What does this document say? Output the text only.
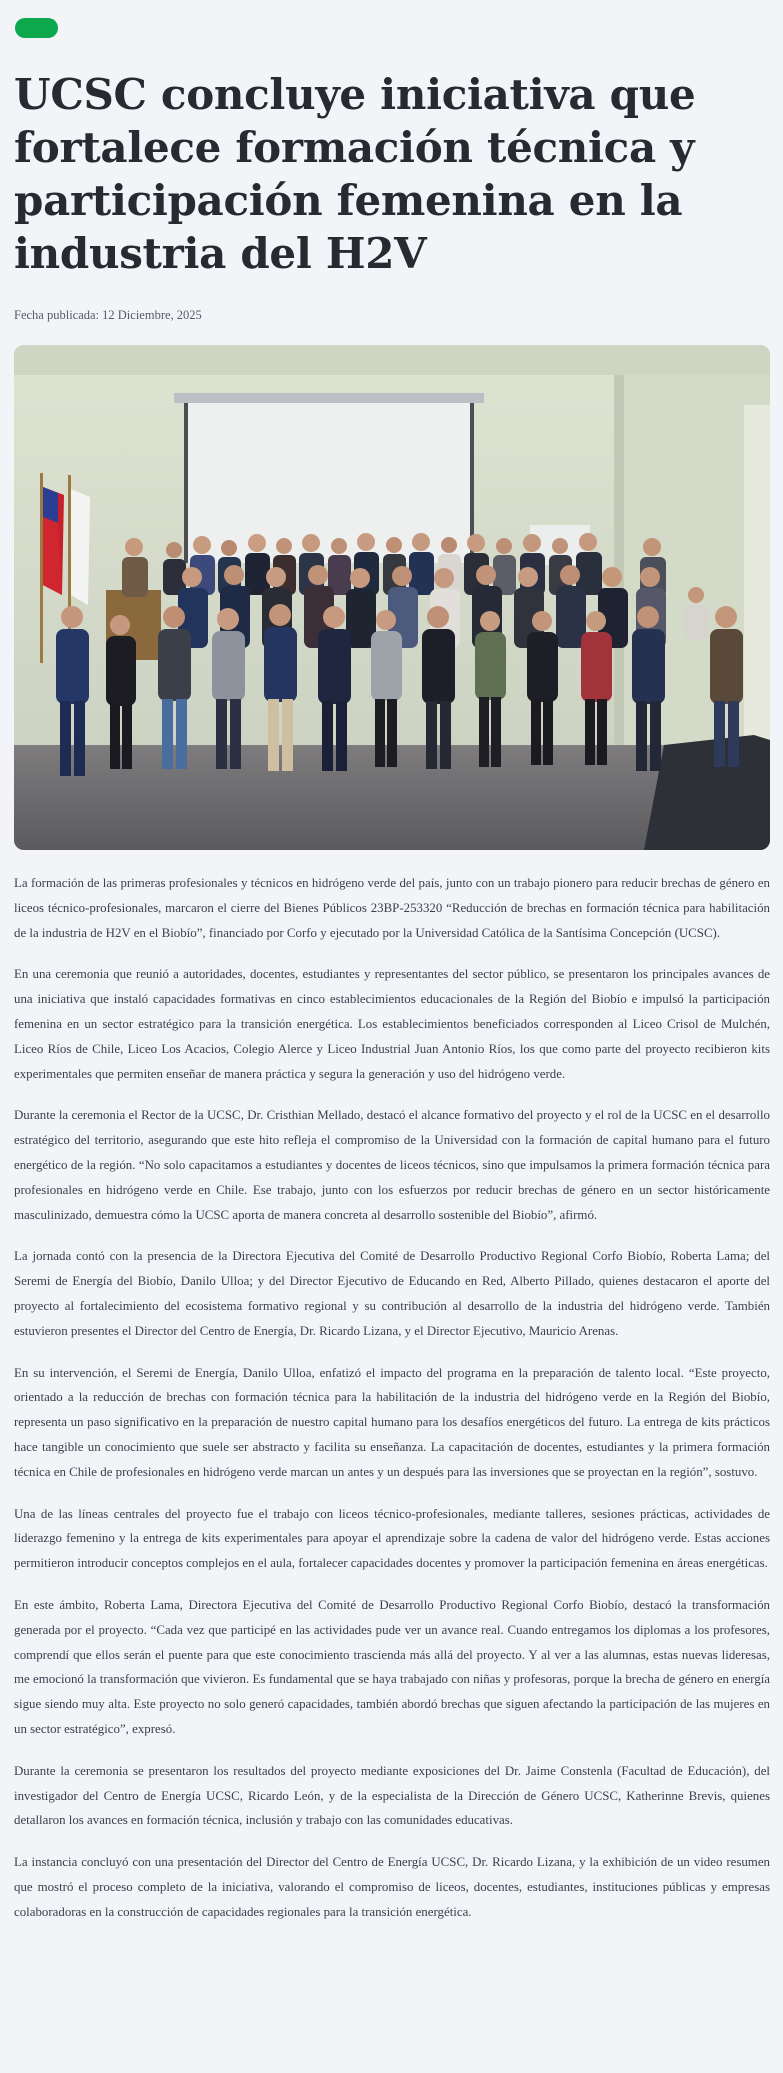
UCSC concluye iniciativa que fortalece formación técnica y participación femenina en la industria del H2V
Fecha publicada: 12 Diciembre, 2025

La formación de las primeras profesionales y técnicos en hidrógeno verde del país, junto con un trabajo pionero para reducir brechas de género en liceos técnico-profesionales, marcaron el cierre del Bienes Públicos 23BP-253320 “Reducción de brechas en formación técnica para habilitación de la industria de H2V en el Biobío”, financiado por Corfo y ejecutado por la Universidad Católica de la Santísima Concepción (UCSC).

En una ceremonia que reunió a autoridades, docentes, estudiantes y representantes del sector público, se presentaron los principales avances de una iniciativa que instaló capacidades formativas en cinco establecimientos educacionales de la Región del Biobío e impulsó la participación femenina en un sector estratégico para la transición energética. Los establecimientos beneficiados corresponden al Liceo Crisol de Mulchén, Liceo Ríos de Chile, Liceo Los Acacios, Colegio Alerce y Liceo Industrial Juan Antonio Ríos, los que como parte del proyecto recibieron kits experimentales que permiten enseñar de manera práctica y segura la generación y uso del hidrógeno verde.

Durante la ceremonia el Rector de la UCSC, Dr. Cristhian Mellado, destacó el alcance formativo del proyecto y el rol de la UCSC en el desarrollo estratégico del territorio, asegurando que este hito refleja el compromiso de la Universidad con la formación de capital humano para el futuro energético de la región. “No solo capacitamos a estudiantes y docentes de liceos técnicos, sino que impulsamos la primera formación técnica para profesionales en hidrógeno verde en Chile. Ese trabajo, junto con los esfuerzos por reducir brechas de género en un sector históricamente masculinizado, demuestra cómo la UCSC aporta de manera concreta al desarrollo sostenible del Biobío”, afirmó.

La jornada contó con la presencia de la Directora Ejecutiva del Comité de Desarrollo Productivo Regional Corfo Biobío, Roberta Lama; del Seremi de Energía del Biobío, Danilo Ulloa; y del Director Ejecutivo de Educando en Red, Alberto Pillado, quienes destacaron el aporte del proyecto al fortalecimiento del ecosistema formativo regional y su contribución al desarrollo de la industria del hidrógeno verde. También estuvieron presentes el Director del Centro de Energía, Dr. Ricardo Lizana, y el Director Ejecutivo, Mauricio Arenas.

En su intervención, el Seremi de Energía, Danilo Ulloa, enfatizó el impacto del programa en la preparación de talento local. “Este proyecto, orientado a la reducción de brechas con formación técnica para la habilitación de la industria del hidrógeno verde en la Región del Biobío, representa un paso significativo en la preparación de nuestro capital humano para los desafíos energéticos del futuro. La entrega de kits prácticos hace tangible un conocimiento que suele ser abstracto y facilita su enseñanza. La capacitación de docentes, estudiantes y la primera formación técnica en Chile de profesionales en hidrógeno verde marcan un antes y un después para las inversiones que se proyectan en la región”, sostuvo.

Una de las líneas centrales del proyecto fue el trabajo con liceos técnico-profesionales, mediante talleres, sesiones prácticas, actividades de liderazgo femenino y la entrega de kits experimentales para apoyar el aprendizaje sobre la cadena de valor del hidrógeno verde. Estas acciones permitieron introducir conceptos complejos en el aula, fortalecer capacidades docentes y promover la participación femenina en áreas energéticas.

En este ámbito, Roberta Lama, Directora Ejecutiva del Comité de Desarrollo Productivo Regional Corfo Biobío, destacó la transformación generada por el proyecto. “Cada vez que participé en las actividades pude ver un avance real. Cuando entregamos los diplomas a los profesores, comprendí que ellos serán el puente para que este conocimiento trascienda más allá del proyecto. Y al ver a las alumnas, estas nuevas lideresas, me emocionó la transformación que vivieron. Es fundamental que se haya trabajado con niñas y profesoras, porque la brecha de género en energía sigue siendo muy alta. Este proyecto no solo generó capacidades, también abordó brechas que siguen afectando la participación de las mujeres en un sector estratégico”, expresó.

Durante la ceremonia se presentaron los resultados del proyecto mediante exposiciones del Dr. Jaime Constenla (Facultad de Educación), del investigador del Centro de Energía UCSC, Ricardo León, y de la especialista de la Dirección de Género UCSC, Katherinne Brevis, quienes detallaron los avances en formación técnica, inclusión y trabajo con las comunidades educativas.

La instancia concluyó con una presentación del Director del Centro de Energía UCSC, Dr. Ricardo Lizana, y la exhibición de un video resumen que mostró el proceso completo de la iniciativa, valorando el compromiso de liceos, docentes, estudiantes, instituciones públicas y empresas colaboradoras en la construcción de capacidades regionales para la transición energética.
